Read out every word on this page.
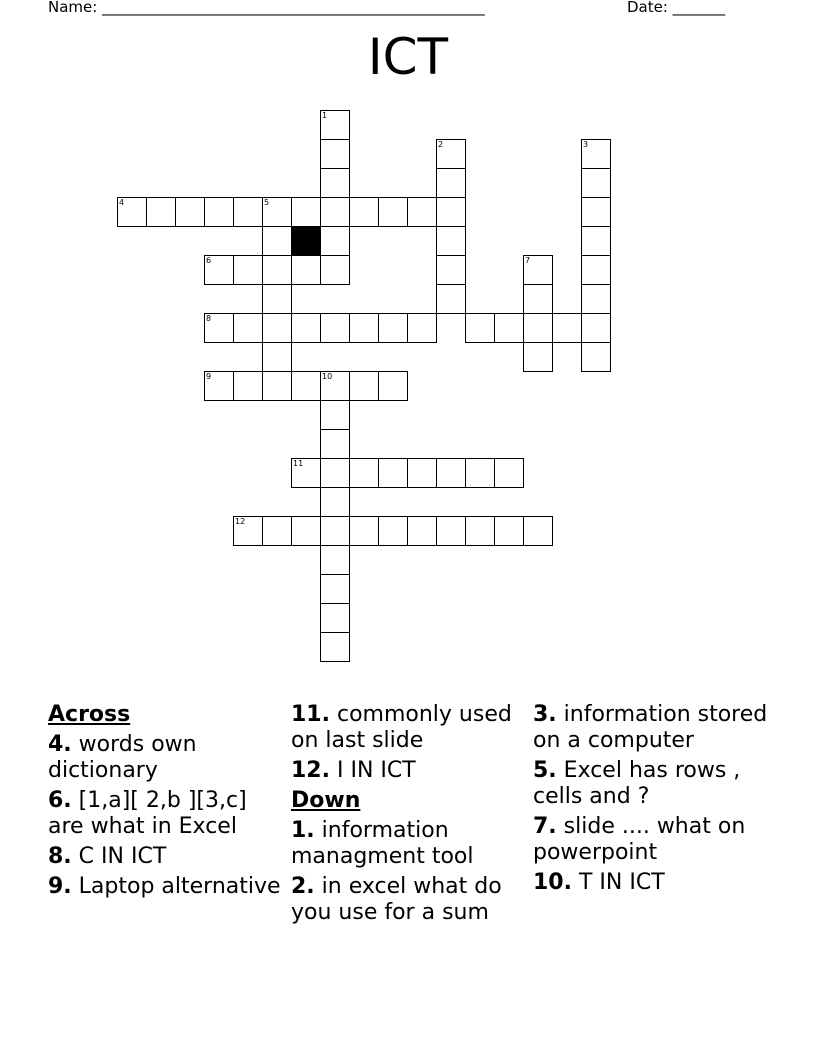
Name: ___________________________________________________	Date: _______
ICT
1
2	3
4	5
6	7
8
9	10
11
12
Across
4. words own dictionary
6. [1,a][ 2,b ][3,c] are what in Excel
8. C IN ICT
9. Laptop alternative
11. commonly used on last slide
12. I IN ICT
Down
1. information managment tool
2. in excel what do you use for a sum
3. information stored on a computer
5. Excel has rows , cells and ?
7. slide .... what on powerpoint
10. T IN ICT
